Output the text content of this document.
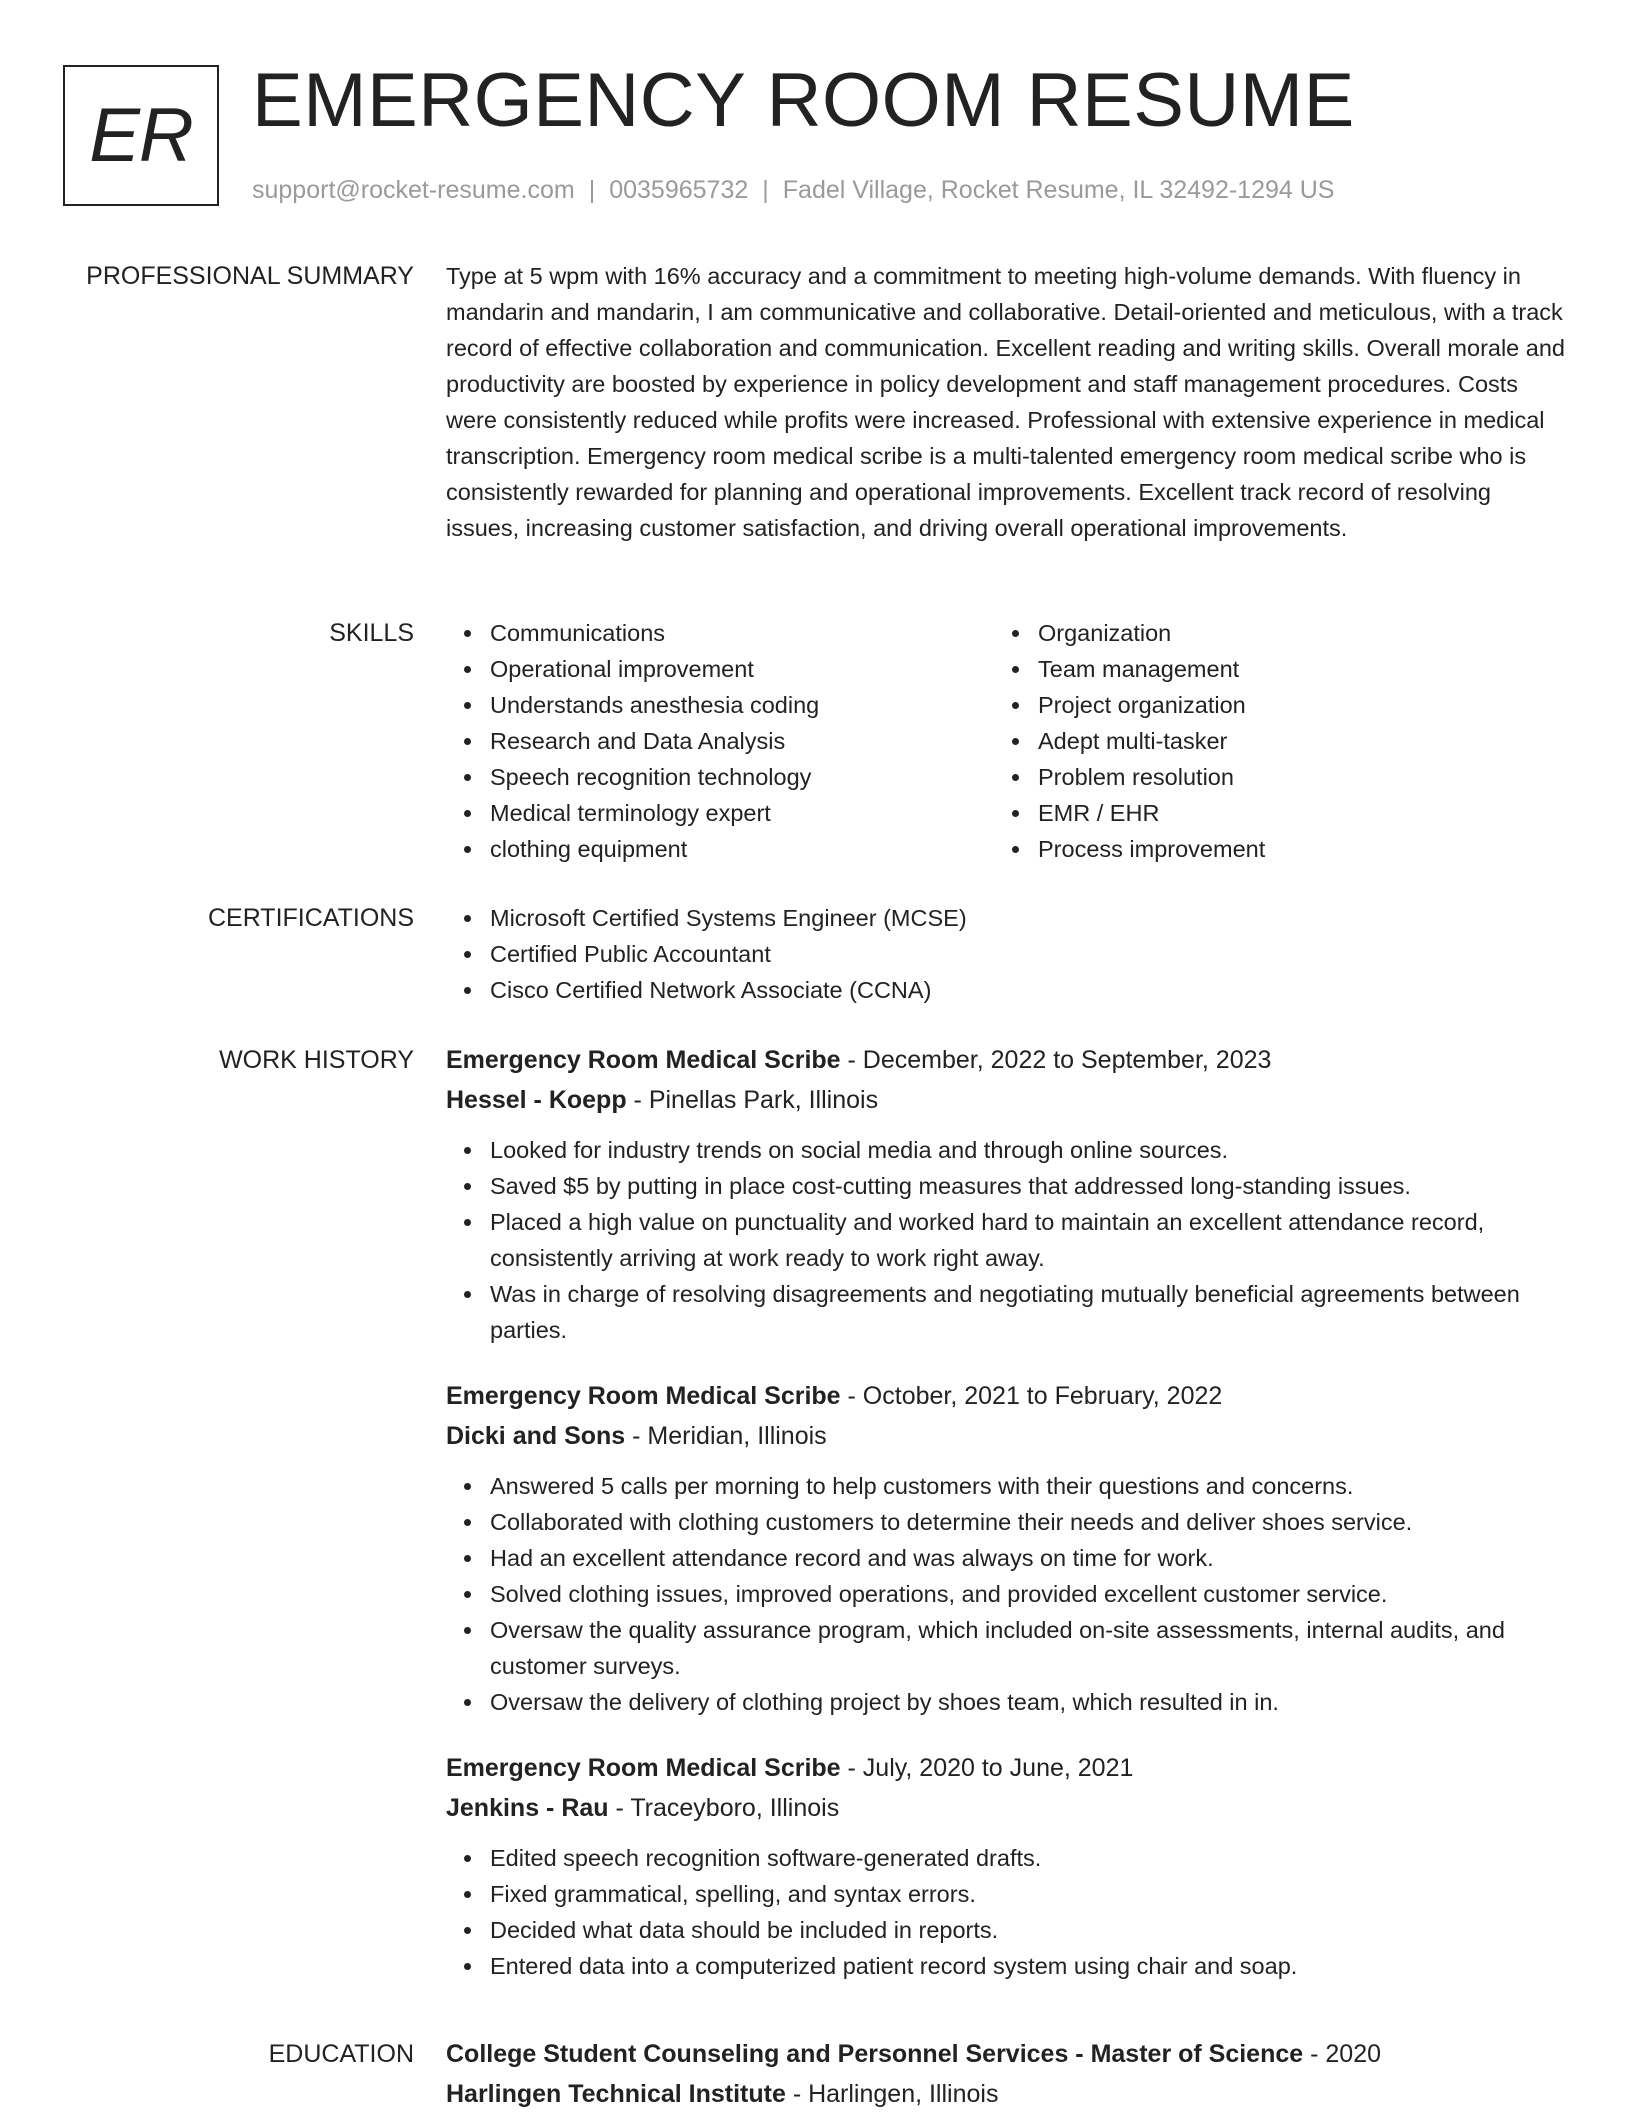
ER EMERGENCY ROOM RESUME
support@rocket-resume.com | 0035965732 | Fadel Village, Rocket Resume, IL 32492-1294 US
PROFESSIONAL SUMMARY Type at 5 wpm with 16% accuracy and a commitment to meeting high-volume demands. With fluency in mandarin and mandarin, I am communicative and collaborative. Detail-oriented and meticulous, with a track record of effective collaboration and communication. Excellent reading and writing skills. Overall morale and productivity are boosted by experience in policy development and staff management procedures. Costs were consistently reduced while profits were increased. Professional with extensive experience in medical transcription. Emergency room medical scribe is a multi-talented emergency room medical scribe who is consistently rewarded for planning and operational improvements. Excellent track record of resolving issues, increasing customer satisfaction, and driving overall operational improvements.

SKILLS	Communications
Operational improvement
Understands anesthesia coding
Research and Data Analysis
Speech recognition technology
Medical terminology expert
clothing equipment
Organization
Team management
Project organization
Adept multi-tasker
Problem resolution
EMR / EHR
Process improvement
CERTIFICATIONS	Microsoft Certified Systems Engineer (MCSE)
Certified Public Accountant
Cisco Certified Network Associate (CCNA)
WORK HISTORY Emergency Room Medical Scribe - December, 2022 to September, 2023
Hessel - Koepp - Pinellas Park, Illinois
Looked for industry trends on social media and through online sources.
Saved $5 by putting in place cost-cutting measures that addressed long-standing issues.
Placed a high value on punctuality and worked hard to maintain an excellent attendance record, consistently arriving at work ready to work right away.
Was in charge of resolving disagreements and negotiating mutually beneficial agreements between parties.
Emergency Room Medical Scribe - October, 2021 to February, 2022
Dicki and Sons - Meridian, Illinois
Answered 5 calls per morning to help customers with their questions and concerns.
Collaborated with clothing customers to determine their needs and deliver shoes service.
Had an excellent attendance record and was always on time for work.
Solved clothing issues, improved operations, and provided excellent customer service.
Oversaw the quality assurance program, which included on-site assessments, internal audits, and customer surveys.
Oversaw the delivery of clothing project by shoes team, which resulted in in.
Emergency Room Medical Scribe - July, 2020 to June, 2021
Jenkins - Rau - Traceyboro, Illinois
Edited speech recognition software-generated drafts.
Fixed grammatical, spelling, and syntax errors.
Decided what data should be included in reports.
Entered data into a computerized patient record system using chair and soap.
EDUCATION College Student Counseling and Personnel Services - Master of Science - 2020
Harlingen Technical Institute - Harlingen, Illinois
